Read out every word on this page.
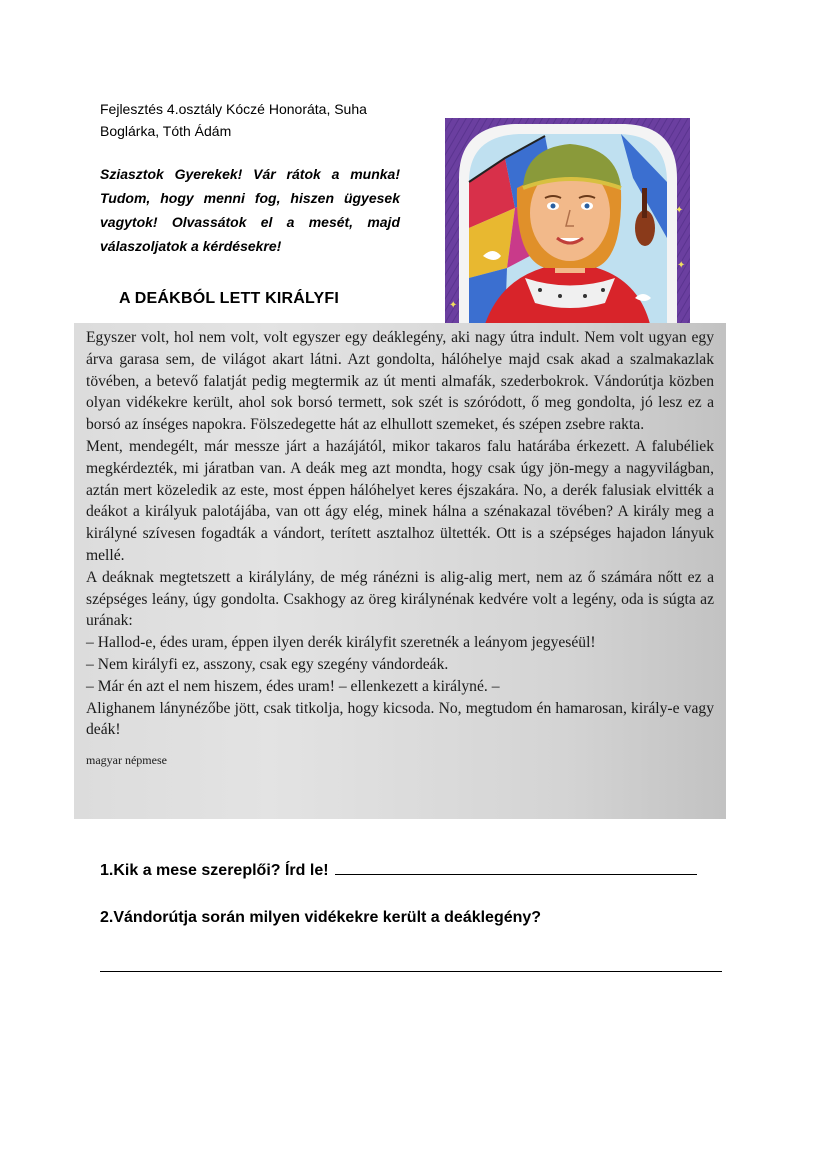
Fejlesztés 4.osztály Kóczé Honoráta, Suha
Boglárka, Tóth Ádám
Sziasztok Gyerekek! Vár rátok a munka! Tudom, hogy menni fog, hiszen ügyesek vagytok! Olvassátok el a mesét, majd válaszoljatok a kérdésekre!
A DEÁKBÓL LETT KIRÁLYFI
✦
✦
✦

Egyszer volt, hol nem volt, volt egyszer egy deáklegény, aki nagy útra indult. Nem volt ugyan egy árva garasa sem, de világot akart látni. Azt gondolta, hálóhelye majd csak akad a szalmakazlak tövében, a betevő falatját pedig megtermik az út menti almafák, szederbokrok. Vándorútja közben olyan vidékekre került, ahol sok borsó termett, sok szét is szóródott, ő meg gondolta, jó lesz ez a borsó az ínséges napokra. Fölszedegette hát az elhullott szemeket, és szépen zsebre rakta.

Ment, mendegélt, már messze járt a hazájától, mikor takaros falu határába érkezett. A falubéliek megkérdezték, mi járatban van. A deák meg azt mondta, hogy csak úgy jön-megy a nagyvilágban, aztán mert közeledik az este, most éppen hálóhelyet keres éjszakára. No, a derék falusiak elvitték a deákot a királyuk palotájába, van ott ágy elég, minek hálna a szénakazal tövében? A király meg a királyné szívesen fogadták a vándort, terített asztalhoz ültették. Ott is a szépséges hajadon lányuk mellé.

A deáknak megtetszett a királylány, de még ránézni is alig-alig mert, nem az ő számára nőtt ez a szépséges leány, úgy gondolta. Csakhogy az öreg királynénak kedvére volt a legény, oda is súgta az urának:

– Hallod-e, édes uram, éppen ilyen derék királyfit szeretnék a leányom jegyeséül!

– Nem királyfi ez, asszony, csak egy szegény vándordeák.

– Már én azt el nem hiszem, édes uram! – ellenkezett a királyné. –

Alighanem lánynézőbe jött, csak titkolja, hogy kicsoda. No, megtudom én hamarosan, király-e vagy deák!

magyar népmese

1.Kik a mese szereplői? Írd le!
2.Vándorútja során milyen vidékekre került a deáklegény?
